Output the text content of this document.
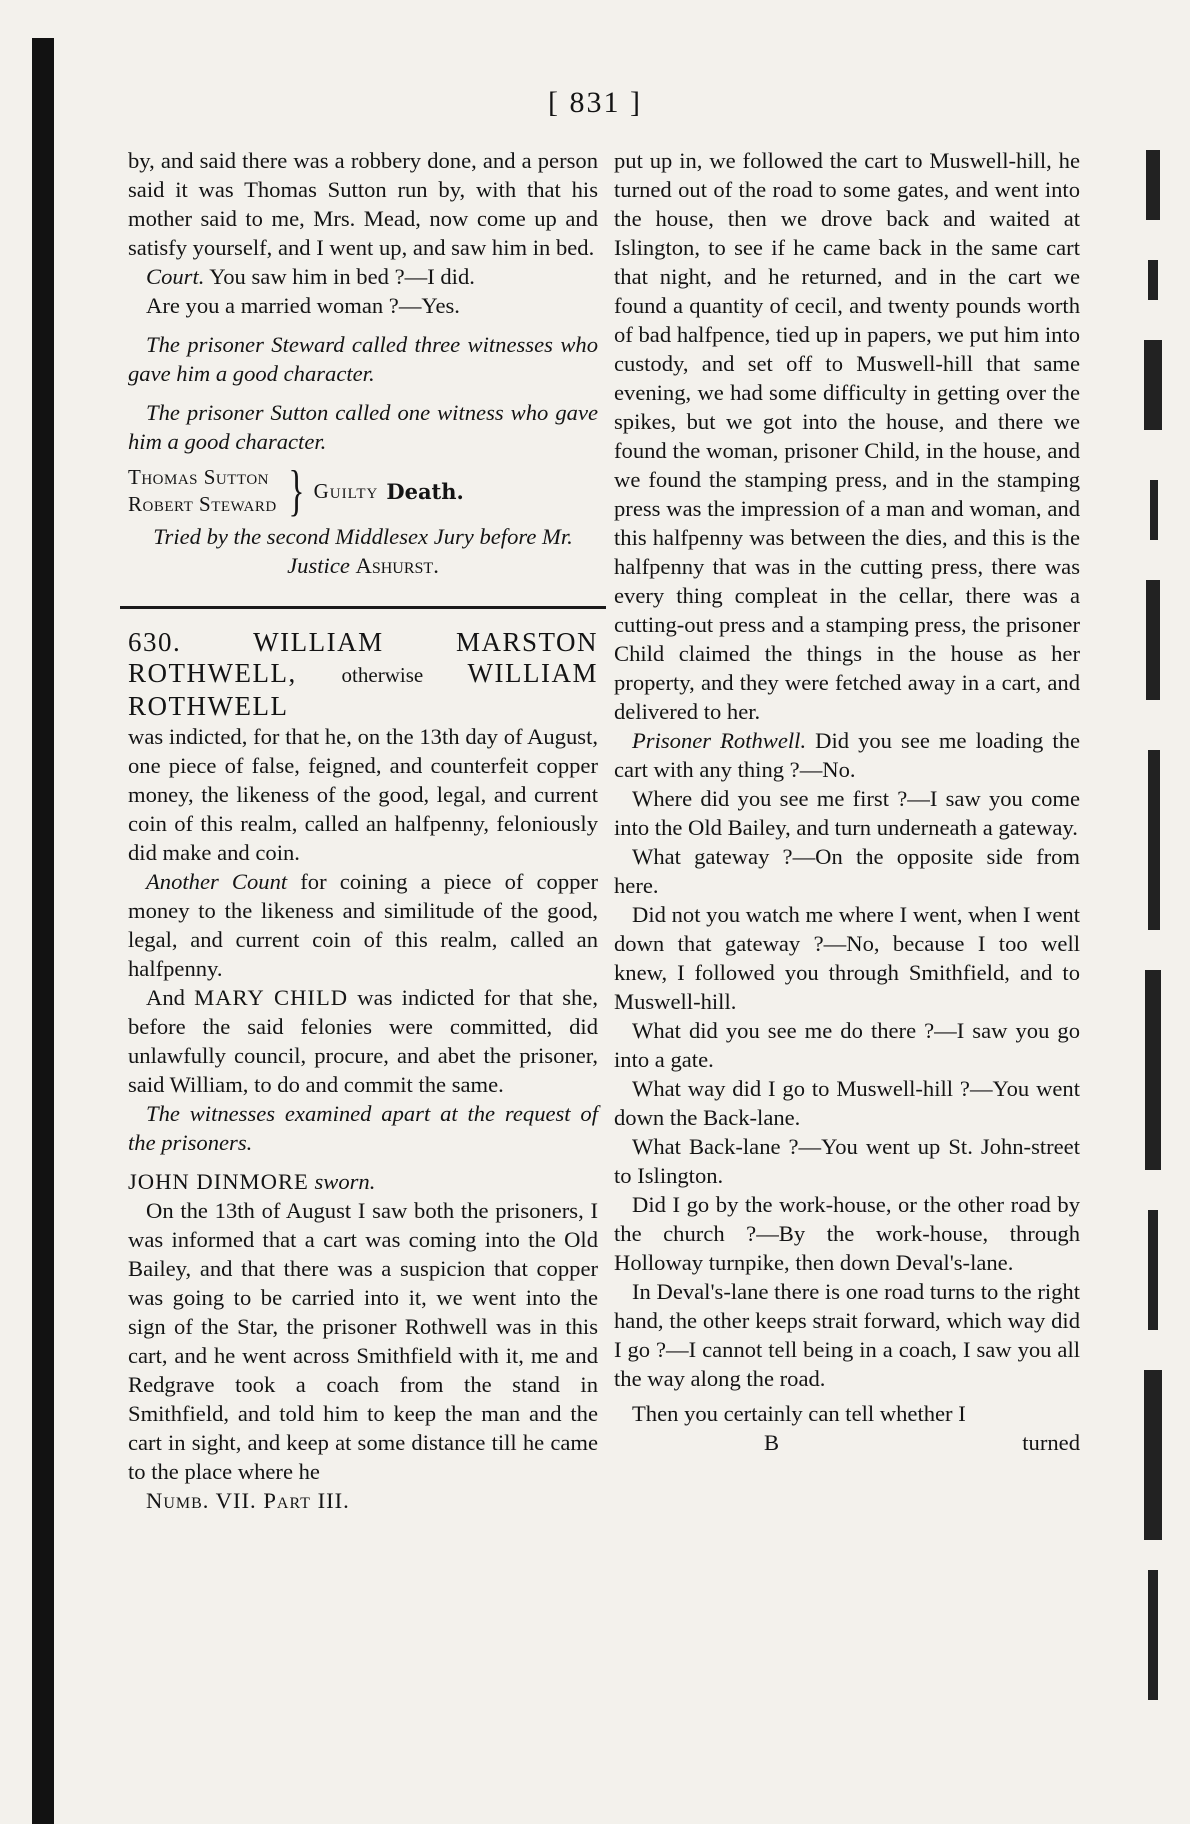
[ 831 ]

by, and said there was a robbery done, and a person said it was Thomas Sutton run by, with that his mother said to me, Mrs. Mead, now come up and satisfy yourself, and I went up, and saw him in bed.

Court. You saw him in bed ?—I did.

Are you a married woman ?—Yes.

The prisoner Steward called three witnesses who gave him a good character.

The prisoner Sutton called one witness who gave him a good character.

Thomas Sutton
Robert Steward } Guilty Death.

Tried by the second Middlesex Jury before Mr.

Justice Ashurst.

630. WILLIAM MARSTON ROTHWELL, otherwise WILLIAM ROTHWELL

was indicted, for that he, on the 13th day of August, one piece of false, feigned, and counterfeit copper money, the likeness of the good, legal, and current coin of this realm, called an halfpenny, feloniously did make and coin.

Another Count for coining a piece of copper money to the likeness and similitude of the good, legal, and current coin of this realm, called an halfpenny.

And MARY CHILD was indicted for that she, before the said felonies were committed, did unlawfully council, procure, and abet the prisoner, said William, to do and commit the same.

The witnesses examined apart at the request of the prisoners.

JOHN DINMORE sworn.

On the 13th of August I saw both the prisoners, I was informed that a cart was coming into the Old Bailey, and that there was a suspicion that copper was going to be carried into it, we went into the sign of the Star, the prisoner Rothwell was in this cart, and he went across Smithfield with it, me and Redgrave took a coach from the stand in Smithfield, and told him to keep the man and the cart in sight, and keep at some distance till he came to the place where he

Numb. VII. Part III.

put up in, we followed the cart to Muswell-hill, he turned out of the road to some gates, and went into the house, then we drove back and waited at Islington, to see if he came back in the same cart that night, and he returned, and in the cart we found a quantity of cecil, and twenty pounds worth of bad halfpence, tied up in papers, we put him into custody, and set off to Muswell-hill that same evening, we had some difficulty in getting over the spikes, but we got into the house, and there we found the woman, prisoner Child, in the house, and we found the stamping press, and in the stamping press was the impression of a man and woman, and this halfpenny was between the dies, and this is the halfpenny that was in the cutting press, there was every thing compleat in the cellar, there was a cutting-out press and a stamping press, the prisoner Child claimed the things in the house as her property, and they were fetched away in a cart, and delivered to her.

Prisoner Rothwell. Did you see me loading the cart with any thing ?—No.

Where did you see me first ?—I saw you come into the Old Bailey, and turn underneath a gateway.

What gateway ?—On the opposite side from here.

Did not you watch me where I went, when I went down that gateway ?—No, because I too well knew, I followed you through Smithfield, and to Muswell-hill.

What did you see me do there ?—I saw you go into a gate.

What way did I go to Muswell-hill ?—You went down the Back-lane.

What Back-lane ?—You went up St. John-street to Islington.

Did I go by the work-house, or the other road by the church ?—By the work-house, through Holloway turnpike, then down Deval's-lane.

In Deval's-lane there is one road turns to the right hand, the other keeps strait forward, which way did I go ?—I cannot tell being in a coach, I saw you all the way along the road.

Then you certainly can tell whether I

B	turned
